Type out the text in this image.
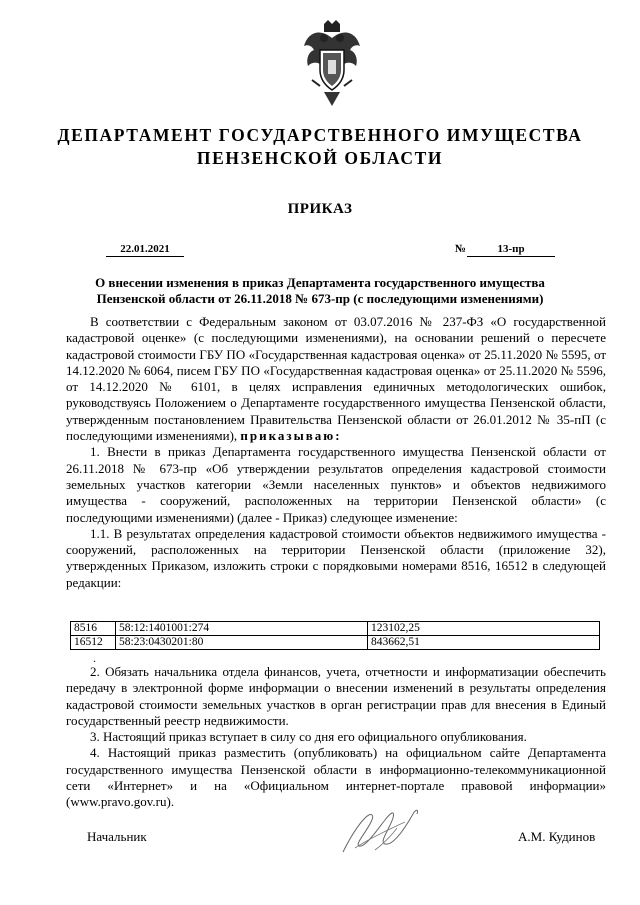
ДЕПАРТАМЕНТ ГОСУДАРСТВЕННОГО ИМУЩЕСТВА
ПЕНЗЕНСКОЙ ОБЛАСТИ
ПРИКАЗ
22.01.2021	№	13-пр
О внесении изменения в приказ Департамента государственного имущества
Пензенской области от 26.11.2018 № 673-пр (с последующими изменениями)

В соответствии с Федеральным законом от 03.07.2016 № 237-ФЗ «О государственной кадастровой оценке» (с последующими изменениями), на основании решений о пересчете кадастровой стоимости ГБУ ПО «Государственная кадастровая оценка» от 25.11.2020 № 5595, от 14.12.2020 № 6064, писем ГБУ ПО «Государственная кадастровая оценка» от 25.11.2020 № 5596, от 14.12.2020 № 6101, в целях исправления единичных методологических ошибок, руководствуясь Положением о Департаменте государственного имущества Пензенской области, утвержденным постановлением Правительства Пензенской области от 26.01.2012 № 35-пП (с последующими изменениями), приказываю:

1. Внести в приказ Департамента государственного имущества Пензенской области от 26.11.2018 № 673-пр «Об утверждении результатов определения кадастровой стоимости земельных участков категории «Земли населенных пунктов» и объектов недвижимого имущества - сооружений, расположенных на территории Пензенской области» (с последующими изменениями) (далее - Приказ) следующее изменение:

1.1. В результатах определения кадастровой стоимости объектов недвижимого имущества - сооружений, расположенных на территории Пензенской области (приложение 32), утвержденных Приказом, изложить строки с порядковыми номерами 8516, 16512 в следующей редакции:

8516	58:12:1401001:274	123102,25
16512	58:23:0430201:80	843662,51
.

2. Обязать начальника отдела финансов, учета, отчетности и информатизации обеспечить передачу в электронной форме информации о внесении изменений в результаты определения кадастровой стоимости земельных участков в орган регистрации прав для внесения в Единый государственный реестр недвижимости.

3. Настоящий приказ вступает в силу со дня его официального опубликования.

4. Настоящий приказ разместить (опубликовать) на официальном сайте Департамента государственного имущества Пензенской области в информационно-телекоммуникационной сети «Интернет» и на «Официальном интернет-портале правовой информации» (www.pravo.gov.ru).

Начальник	А.М. Кудинов
